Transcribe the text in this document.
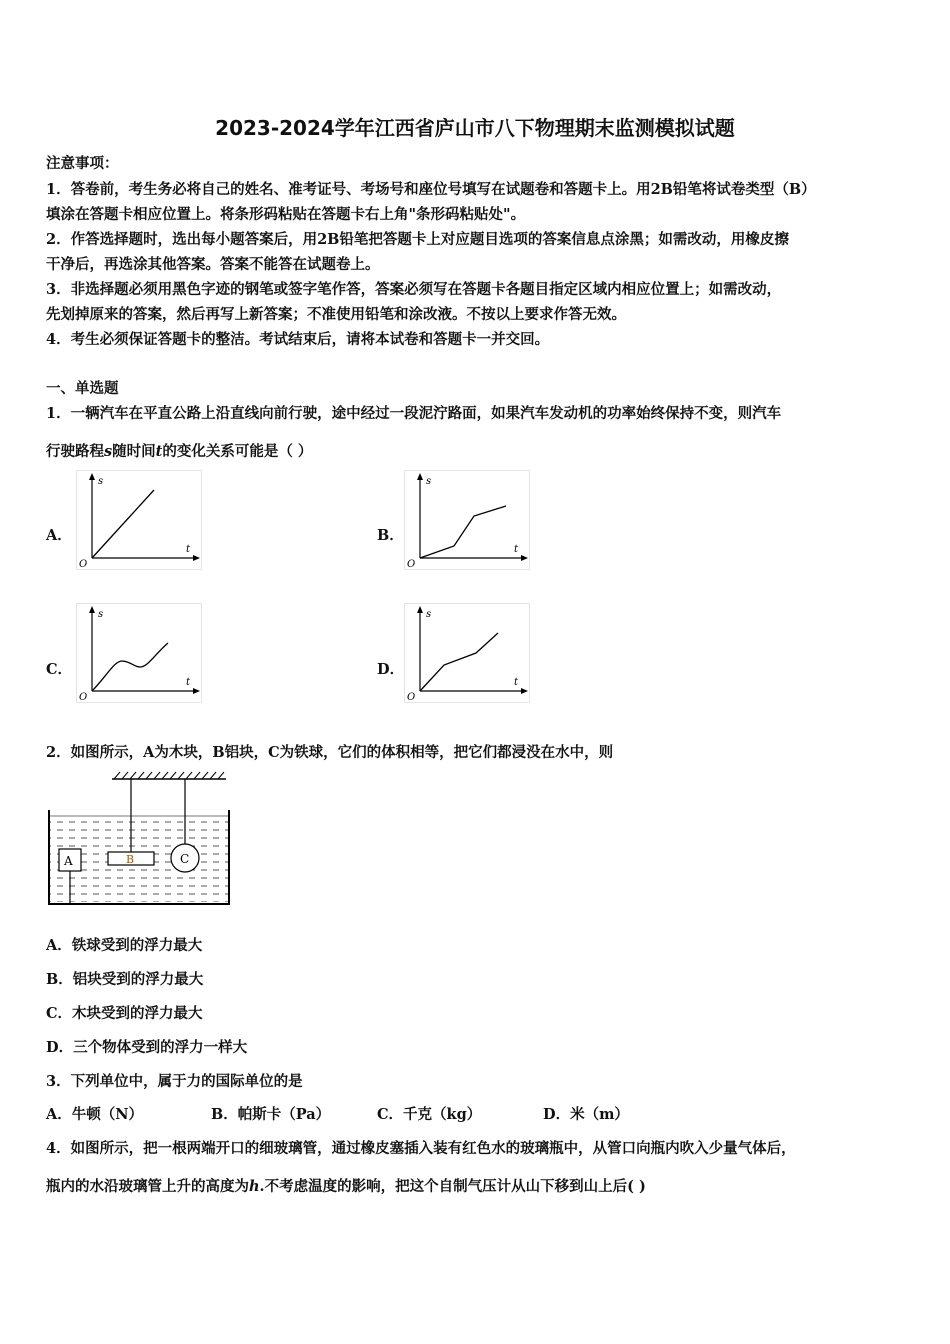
2023-2024学年江西省庐山市八下物理期末监测模拟试题
注意事项：
1．答卷前，考生务必将自己的姓名、准考证号、考场号和座位号填写在试题卷和答题卡上。用2B铅笔将试卷类型（B）
填涂在答题卡相应位置上。将条形码粘贴在答题卡右上角"条形码粘贴处"。
2．作答选择题时，选出每小题答案后，用2B铅笔把答题卡上对应题目选项的答案信息点涂黑；如需改动，用橡皮擦
干净后，再选涂其他答案。答案不能答在试题卷上。
3．非选择题必须用黑色字迹的钢笔或签字笔作答，答案必须写在答题卡各题目指定区域内相应位置上；如需改动，
先划掉原来的答案，然后再写上新答案；不准使用铅笔和涂改液。不按以上要求作答无效。
4．考生必须保证答题卡的整洁。考试结束后，请将本试卷和答题卡一并交回。
一、单选题
1．一辆汽车在平直公路上沿直线向前行驶，途中经过一段泥泞路面，如果汽车发动机的功率始终保持不变，则汽车
行驶路程s随时间t的变化关系可能是（ ）
A．	B．
C．	D．
s
t
O
s
t
O
s
t
O
s
t
O
2．如图所示，A为木块，B铝块，C为铁球，它们的体积相等，把它们都浸没在水中，则
A	B	C
A．铁球受到的浮力最大
B．铝块受到的浮力最大
C．木块受到的浮力最大
D．三个物体受到的浮力一样大
3．下列单位中，属于力的国际单位的是
A．牛顿（N）	B．帕斯卡（Pa）	C．千克（kg）	D．米（m）
4．如图所示，把一根两端开口的细玻璃管，通过橡皮塞插入装有红色水的玻璃瓶中，从管口向瓶内吹入少量气体后，
瓶内的水沿玻璃管上升的高度为h.不考虑温度的影响，把这个自制气压计从山下移到山上后( )
